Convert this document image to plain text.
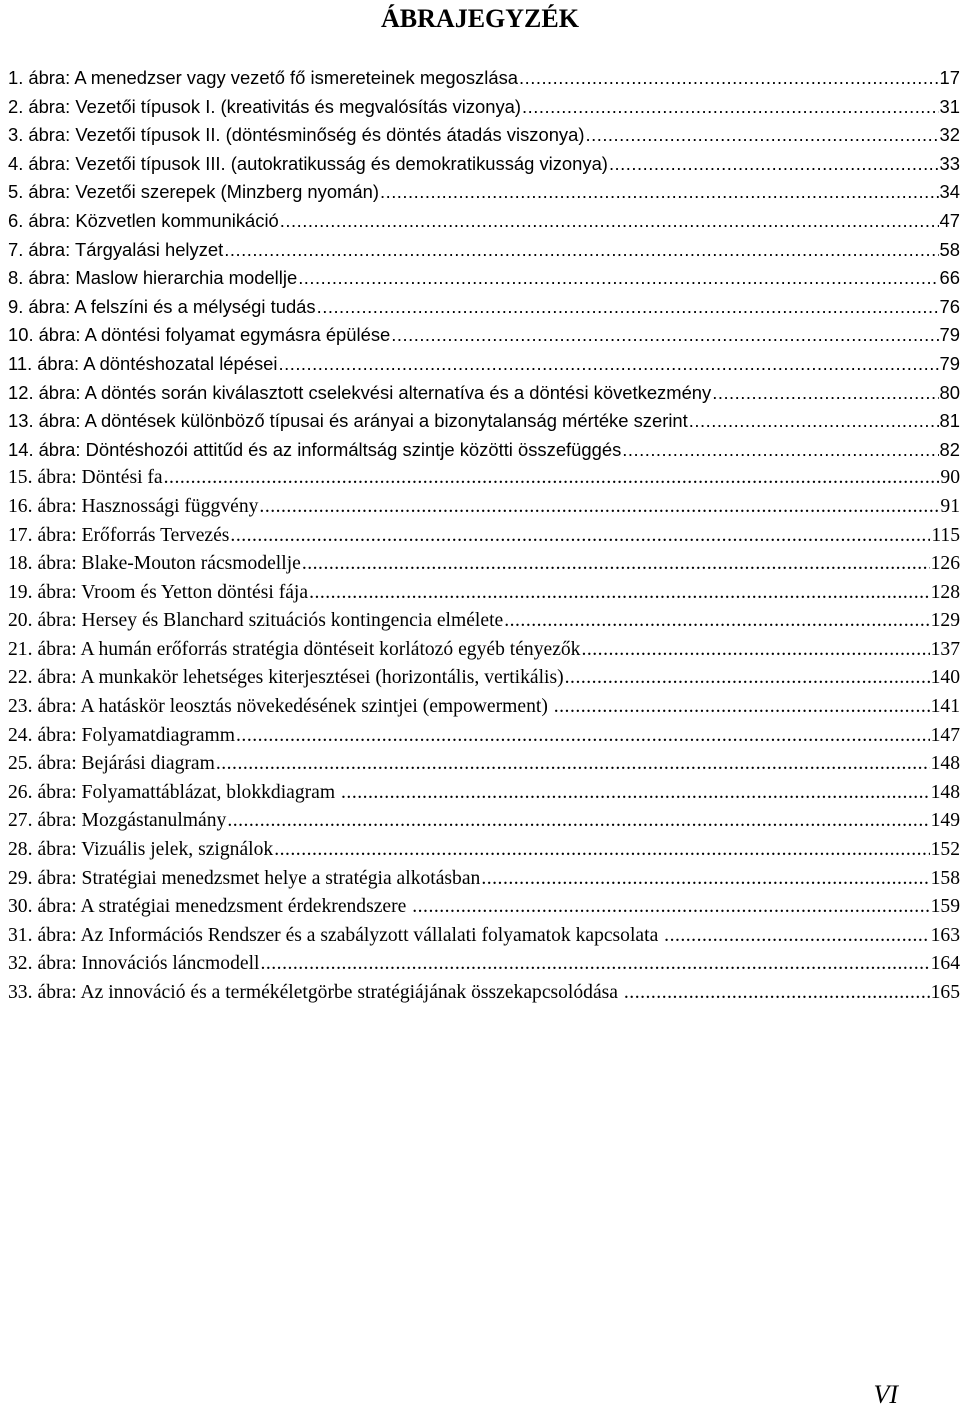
ÁBRAJEGYZÉK
1. ábra: A menedzser vagy vezető fő ismereteinek megoszlása .....	17
2. ábra: Vezetői típusok I. (kreativitás és megvalósítás vizonya) .....	31
3. ábra: Vezetői típusok II. (döntésminőség és döntés átadás viszonya) .....	32
4. ábra: Vezetői típusok III. (autokratikusság és demokratikusság vizonya) .....	33
5. ábra: Vezetői szerepek (Minzberg nyomán) .....	34
6. ábra: Közvetlen kommunikáció .....	47
7. ábra: Tárgyalási helyzet .....	58
8. ábra: Maslow hierarchia modellje .....	66
9. ábra: A felszíni és a mélységi tudás .....	76
10. ábra: A döntési folyamat egymásra épülése .....	79
11. ábra: A döntéshozatal lépései .....	79
12. ábra: A döntés során kiválasztott cselekvési alternatíva és a döntési következmény .....	80
13. ábra: A döntések különböző típusai és arányai a bizonytalanság mértéke szerint .....	81
14. ábra: Döntéshozói attitűd és az informáltság szintje közötti összefüggés .....	82
15. ábra: Döntési fa .....	90
16. ábra: Hasznossági függvény .....	91
17. ábra: Erőforrás Tervezés .....	115
18. ábra: Blake-Mouton rácsmodellje .....	126
19. ábra: Vroom és Yetton döntési fája .....	128
20. ábra: Hersey és Blanchard szituációs kontingencia elmélete .....	129
21. ábra: A humán erőforrás stratégia döntéseit korlátozó egyéb tényezők .....	137
22. ábra: A munkakör lehetséges kiterjesztései (horizontális, vertikális) .....	140
23. ábra: A hatáskör leosztás növekedésének szintjei (empowerment) .....	141
24. ábra: Folyamatdiagramm .....	147
25. ábra: Bejárási diagram .....	148
26. ábra: Folyamattáblázat, blokkdiagram .....	148
27. ábra: Mozgástanulmány .....	149
28. ábra: Vizuális jelek, szignálok .....	152
29. ábra: Stratégiai menedzsmet helye a stratégia alkotásban .....	158
30. ábra: A stratégiai menedzsment érdekrendszere .....	159
31. ábra: Az Információs Rendszer és a szabályzott vállalati folyamatok kapcsolata .....	163
32. ábra: Innovációs láncmodell .....	164
33. ábra: Az innováció és a termékéletgörbe stratégiájának összekapcsolódása .....	165
VI
